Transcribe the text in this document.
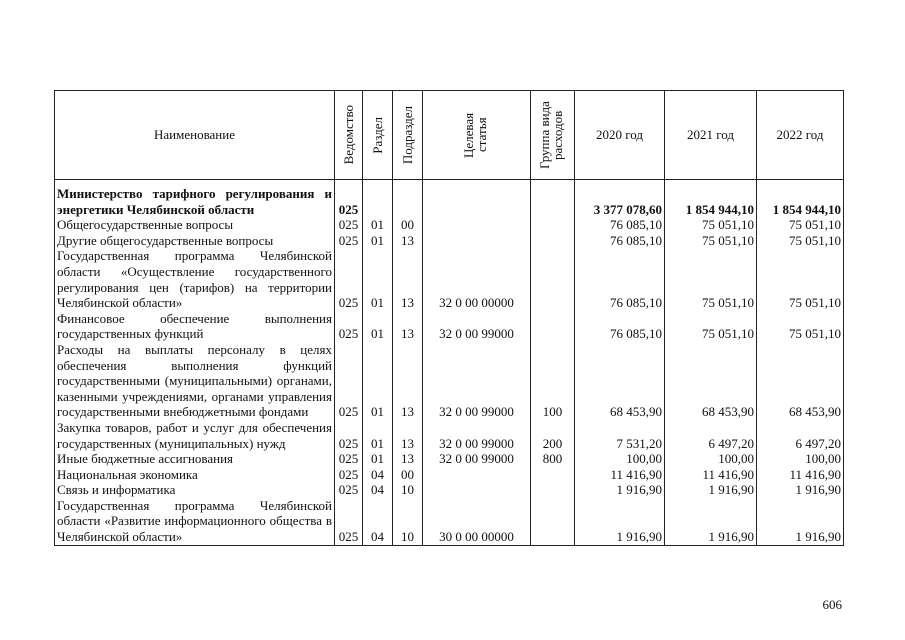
Наименование	Ведомство	Раздел	Подраздел	Целевая статья	Группа вида расходов	2020 год	2021 год	2022 год
Министерство тарифного регулирования и энергетики Челябинской области	025					3 377 078,60	1 854 944,10	1 854 944,10
Общегосударственные вопросы	025	01	00			76 085,10	75 051,10	75 051,10
Другие общегосударственные вопросы	025	01	13			76 085,10	75 051,10	75 051,10
Государственная программа Челябинской области «Осуществление государственного регулирования цен (тарифов) на территории Челябинской области»	025	01	13	32 0 00 00000		76 085,10	75 051,10	75 051,10
Финансовое обеспечение выполнения государственных функций	025	01	13	32 0 00 99000		76 085,10	75 051,10	75 051,10
Расходы на выплаты персоналу в целях обеспечения выполнения функций государственными (муниципальными) органами, казенными учреждениями, органами управления государственными внебюджетными фондами	025	01	13	32 0 00 99000	100	68 453,90	68 453,90	68 453,90
Закупка товаров, работ и услуг для обеспечения государственных (муниципальных) нужд	025	01	13	32 0 00 99000	200	7 531,20	6 497,20	6 497,20
Иные бюджетные ассигнования	025	01	13	32 0 00 99000	800	100,00	100,00	100,00
Национальная экономика	025	04	00			11 416,90	11 416,90	11 416,90
Связь и информатика	025	04	10			1 916,90	1 916,90	1 916,90
Государственная программа Челябинской области «Развитие информационного общества в Челябинской области»	025	04	10	30 0 00 00000		1 916,90	1 916,90	1 916,90
606
